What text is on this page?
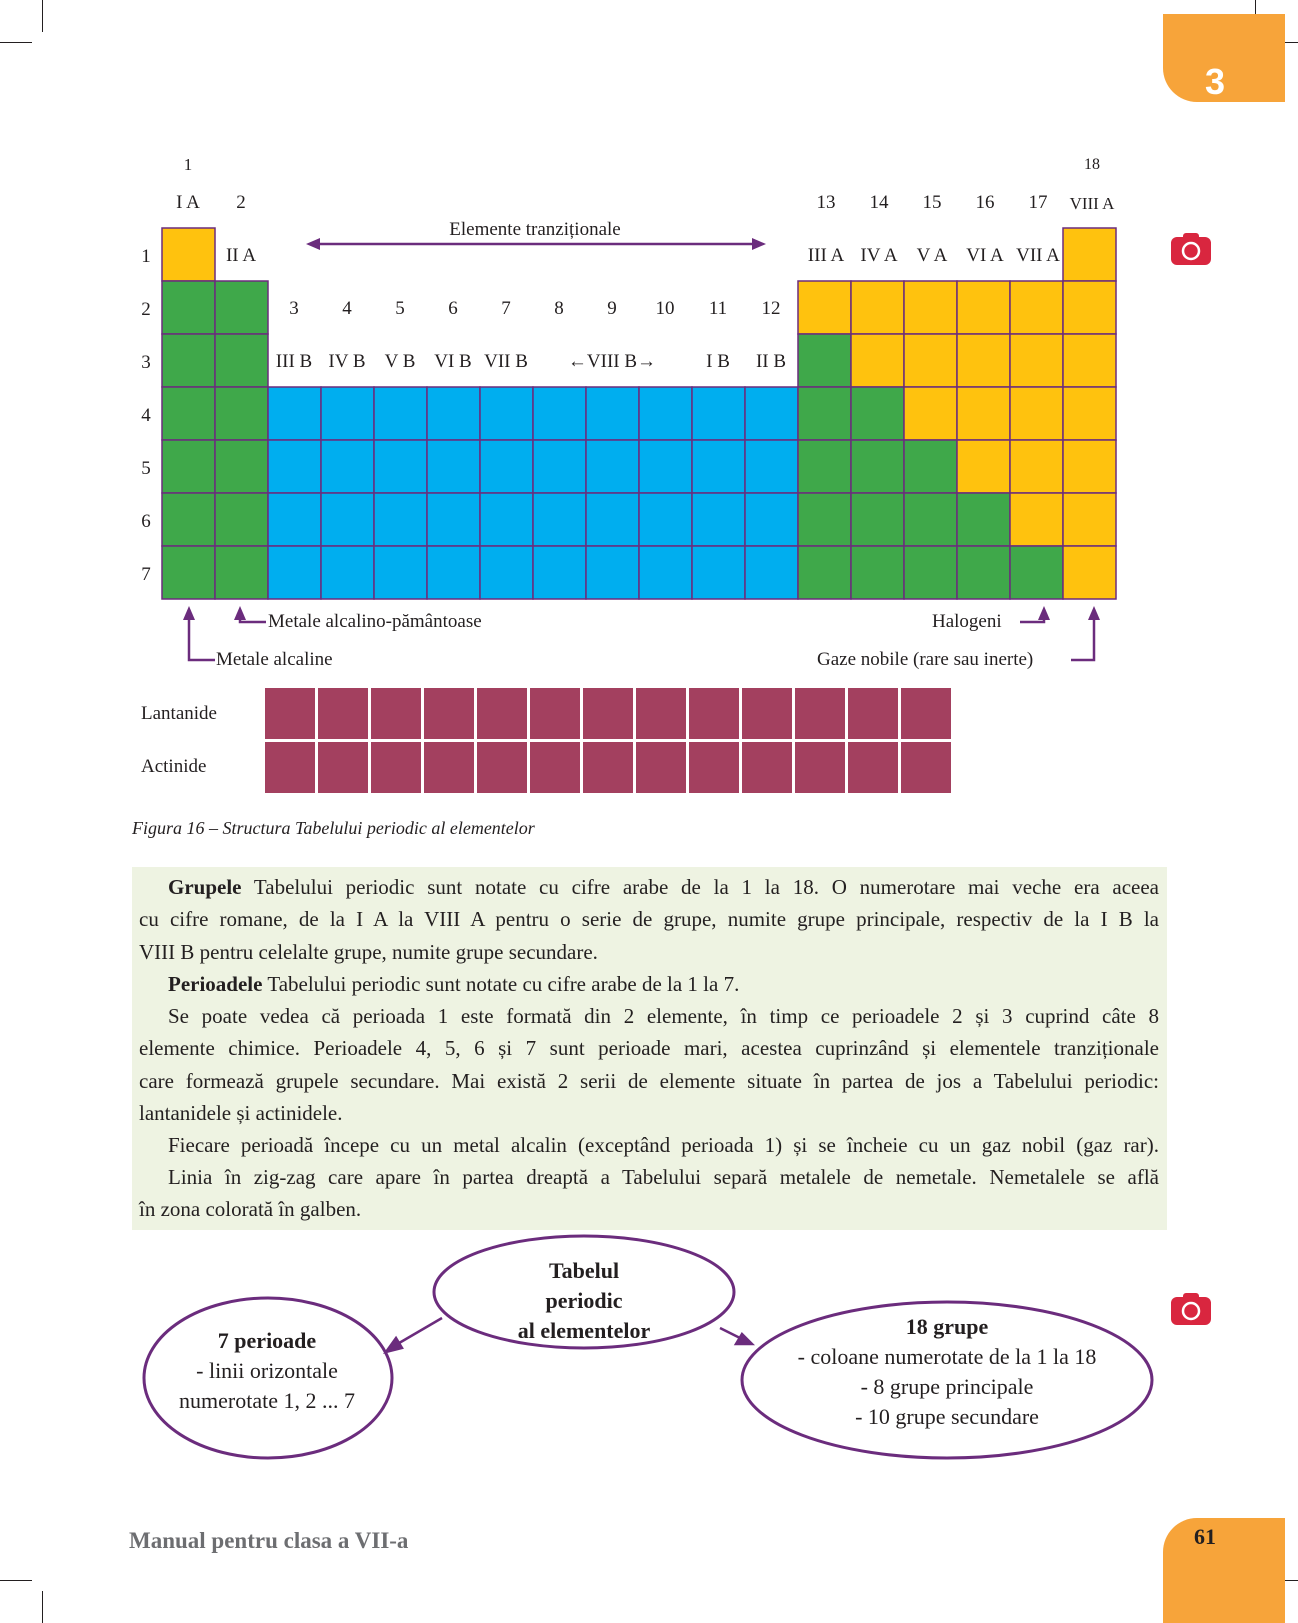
3
1	18
I A 2	13 14 15 16 17 VIII A
II A	III A IV A V A VI A VII A
Elemente tranziționale
3 4 5 6 7 8 9 10 11 12
III B IV B V B VI B VII B ←VIII B→	I B II B
1
2
3
4
5
6
7
Metale alcalino-pământoase
Metale alcaline
Halogeni
Gaze nobile (rare sau inerte)
Lantanide
Actinide
Figura 16 – Structura Tabelului periodic al elementelor
Grupele Tabelului periodic sunt notate cu cifre arabe de la 1 la 18. O numerotare mai veche era aceea
cu cifre romane, de la I A la VIII A pentru o serie de grupe, numite grupe principale, respectiv de la I B la
VIII B pentru celelalte grupe, numite grupe secundare.
Perioadele Tabelului periodic sunt notate cu cifre arabe de la 1 la 7.
Se poate vedea că perioada 1 este formată din 2 elemente, în timp ce perioadele 2 și 3 cuprind câte 8
elemente chimice. Perioadele 4, 5, 6 și 7 sunt perioade mari, acestea cuprinzând și elementele tranziționale
care formează grupele secundare. Mai există 2 serii de elemente situate în partea de jos a Tabelului periodic:
lantanidele și actinidele.
Fiecare perioadă începe cu un metal alcalin (exceptând perioada 1) și se încheie cu un gaz nobil (gaz rar).
Linia în zig-zag care apare în partea dreaptă a Tabelului separă metalele de nemetale. Nemetalele se află
în zona colorată în galben.
Tabelul
periodic
al elementelor
7 perioade
- linii orizontale
numerotate 1, 2 ... 7
18 grupe
- coloane numerotate de la 1 la 18
- 8 grupe principale
- 10 grupe secundare
Manual pentru clasa a VII-a	61
